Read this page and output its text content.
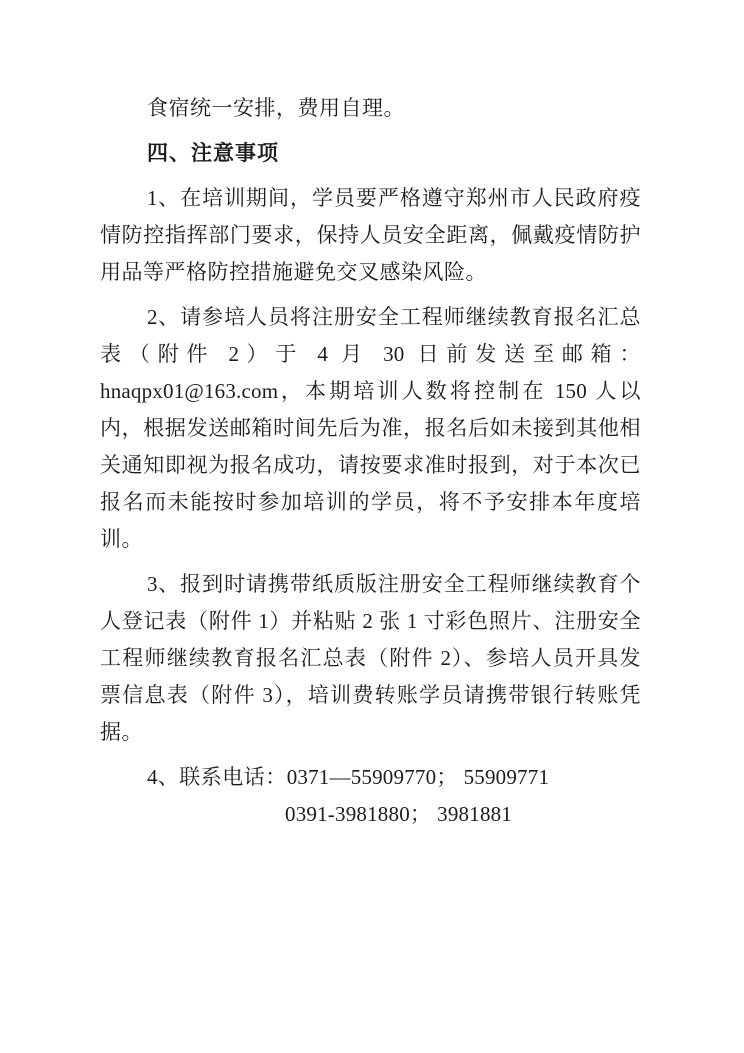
食宿统一安排，费用自理。

四、注意事项

1、在培训期间，学员要严格遵守郑州市人民政府疫情防控指挥部门要求，保持人员安全距离，佩戴疫情防护用品等严格防控措施避免交叉感染风险。

2、请参培人员将注册安全工程师继续教育报名汇总表（附件 2）于 4 月 30 日前发送至邮箱： hnaqpx01@163.com，本期培训人数将控制在 150 人以内，根据发送邮箱时间先后为准，报名后如未接到其他相关通知即视为报名成功，请按要求准时报到，对于本次已报名而未能按时参加培训的学员，将不予安排本年度培训。

3、报到时请携带纸质版注册安全工程师继续教育个人登记表（附件 1）并粘贴 2 张 1 寸彩色照片、注册安全工程师继续教育报名汇总表（附件 2）、参培人员开具发票信息表（附件 3），培训费转账学员请携带银行转账凭据。

4、联系电话：0371—55909770； 55909771

0391-3981880； 3981881
